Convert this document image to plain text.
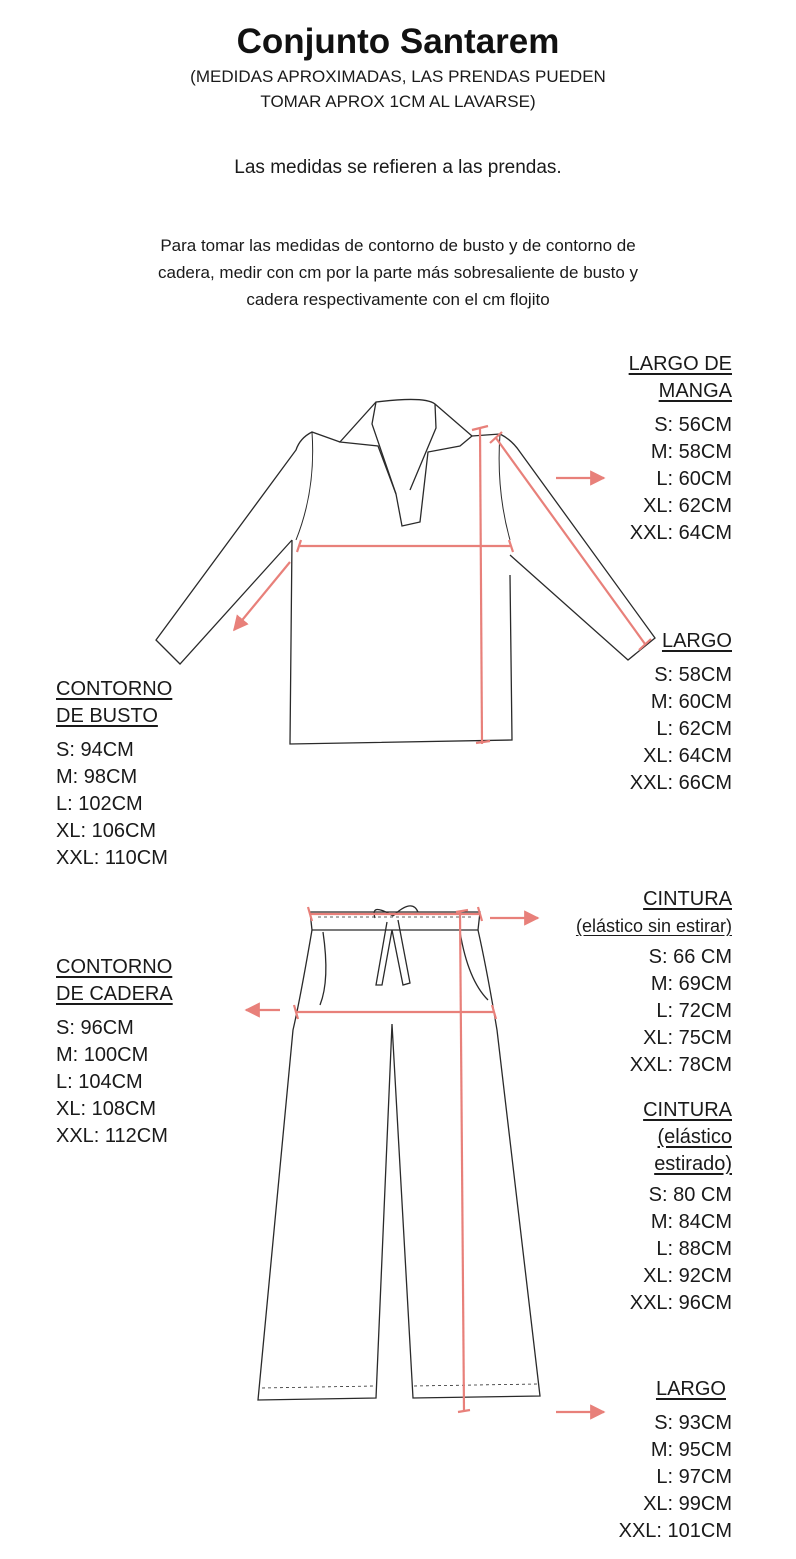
Conjunto Santarem
(MEDIDAS APROXIMADAS, LAS PRENDAS PUEDEN
TOMAR APROX 1CM AL LAVARSE)
Las medidas se refieren a las prendas.
Para tomar las medidas de contorno de busto y de contorno de
cadera, medir con cm por la parte más sobresaliente de busto y
cadera respectivamente con el cm flojito
LARGO DE
MANGA
S: 56CM
M: 58CM
L: 60CM
XL: 62CM
XXL: 64CM
LARGO
S: 58CM
M: 60CM
L: 62CM
XL: 64CM
XXL: 66CM
CONTORNO
DE BUSTO
S: 94CM
M: 98CM
L: 102CM
XL: 106CM
XXL: 110CM
CINTURA
(elástico sin estirar)
S: 66 CM
M: 69CM
L: 72CM
XL: 75CM
XXL: 78CM
CONTORNO
DE CADERA
S: 96CM
M: 100CM
L: 104CM
XL: 108CM
XXL: 112CM
CINTURA
(elástico
estirado)
S: 80 CM
M: 84CM
L: 88CM
XL: 92CM
XXL: 96CM
LARGO
S: 93CM
M: 95CM
L: 97CM
XL: 99CM
XXL: 101CM
